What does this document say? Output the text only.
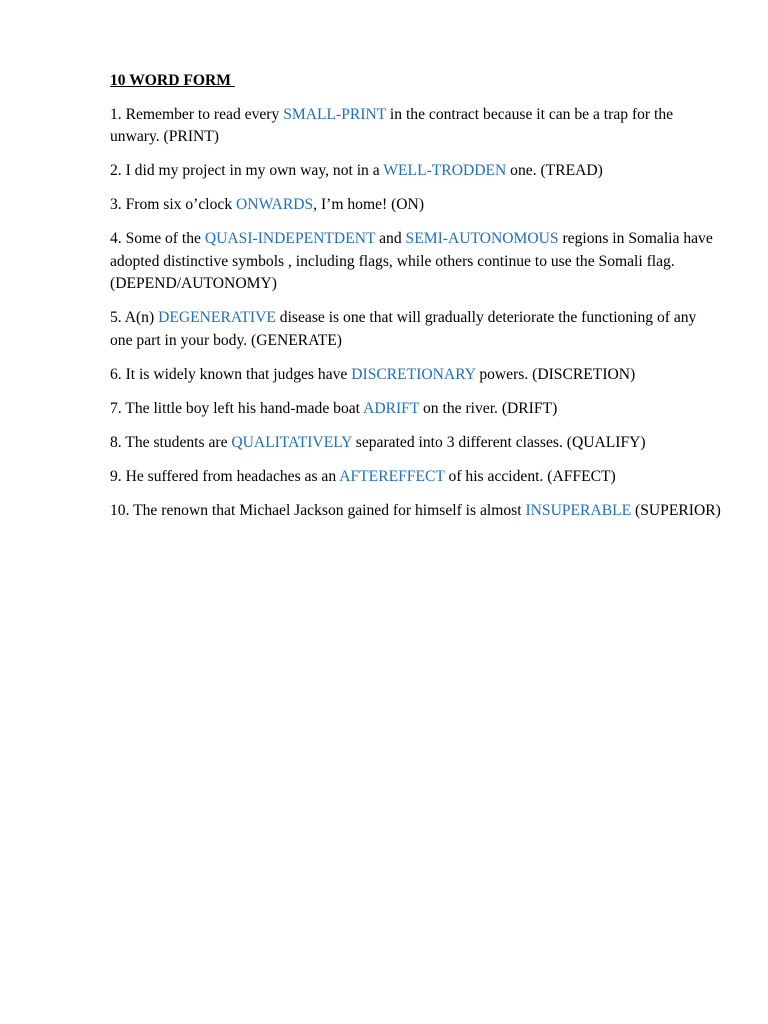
10 WORD FORM

1. Remember to read every SMALL-PRINT in the contract because it can be a trap for the unwary. (PRINT)

2. I did my project in my own way, not in a WELL-TRODDEN one. (TREAD)

3. From six o’clock ONWARDS, I’m home! (ON)

4. Some of the QUASI-INDEPENTDENT and SEMI-AUTONOMOUS regions in Somalia have adopted distinctive symbols , including flags, while others continue to use the Somali flag. (DEPEND/AUTONOMY)

5. A(n) DEGENERATIVE disease is one that will gradually deteriorate the functioning of any one part in your body. (GENERATE)

6. It is widely known that judges have DISCRETIONARY powers. (DISCRETION)

7. The little boy left his hand-made boat ADRIFT on the river. (DRIFT)

8. The students are QUALITATIVELY separated into 3 different classes. (QUALIFY)

9. He suffered from headaches as an AFTEREFFECT of his accident. (AFFECT)

10. The renown that Michael Jackson gained for himself is almost INSUPERABLE (SUPERIOR)
